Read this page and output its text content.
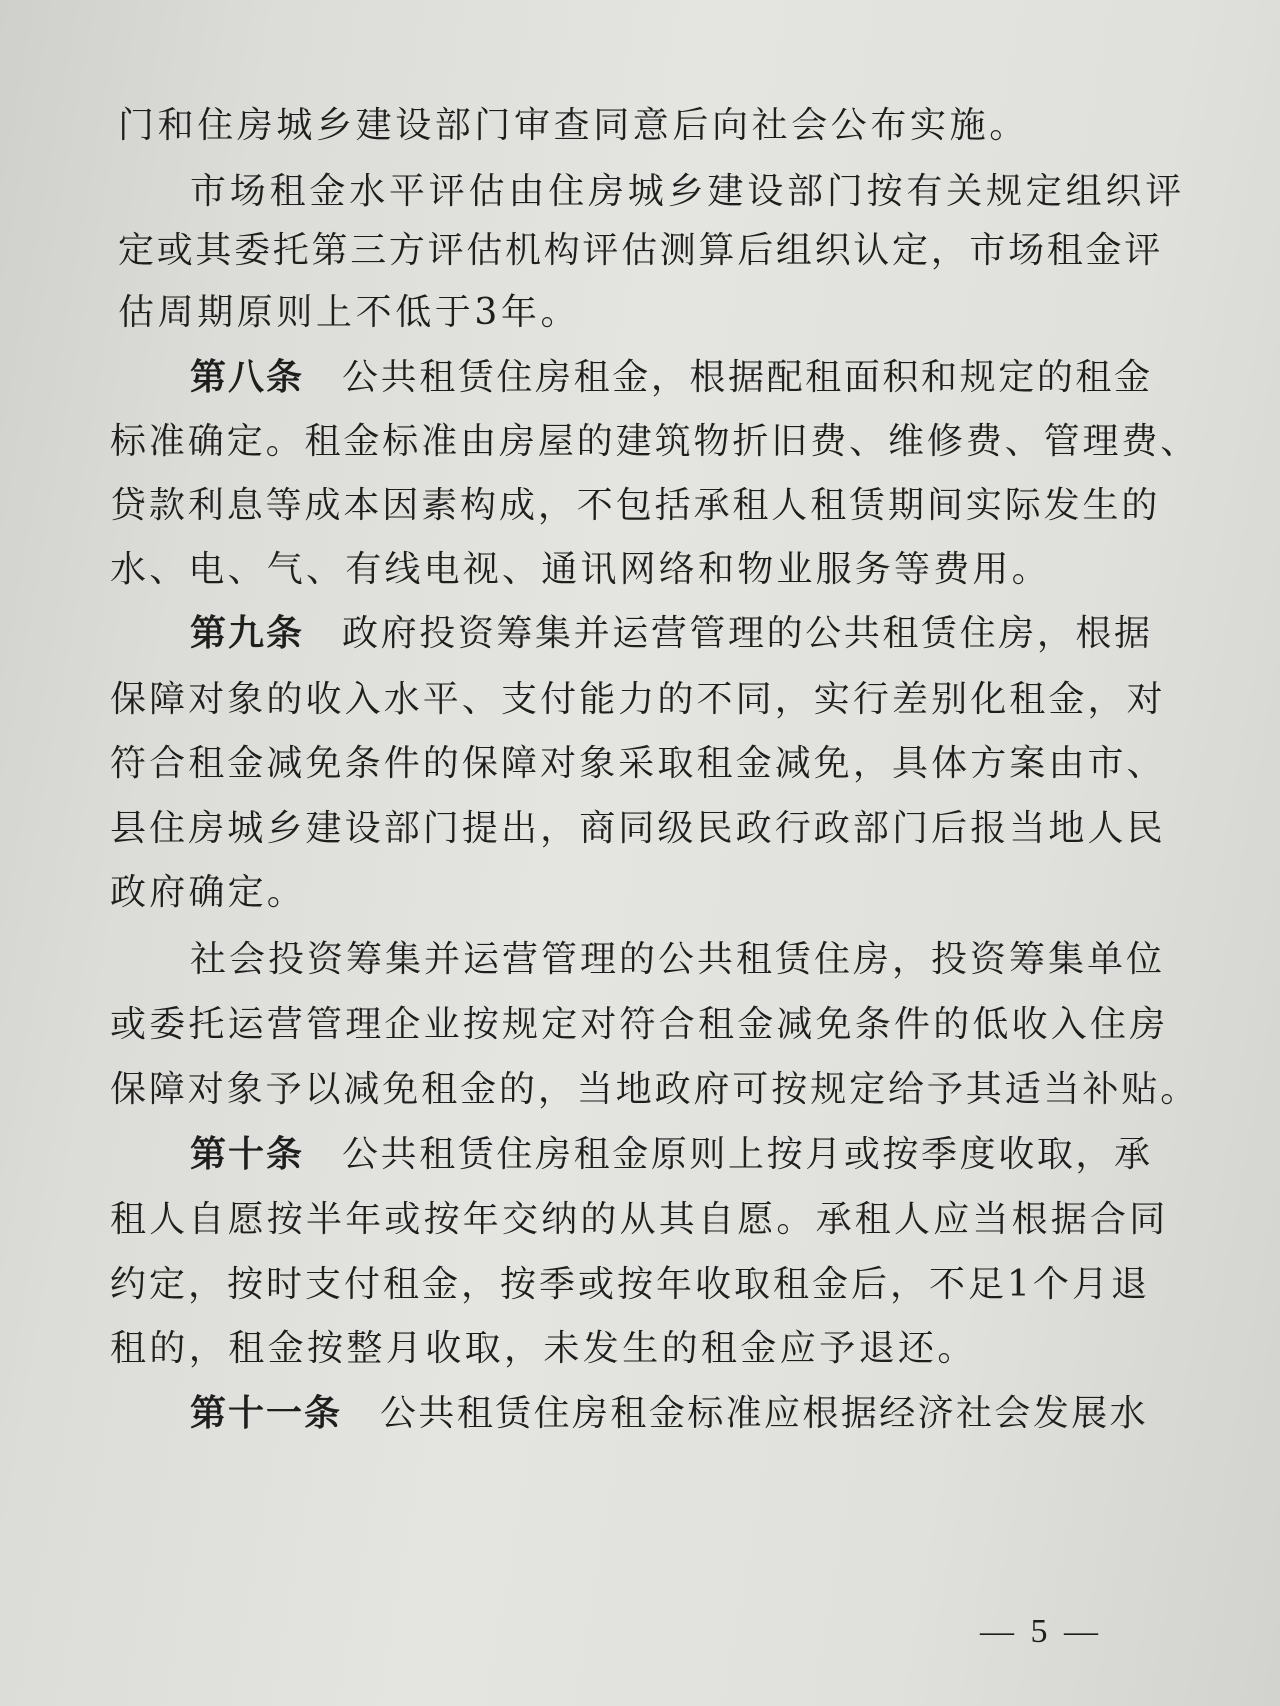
门和住房城乡建设部门审查同意后向社会公布实施。

市场租金水平评估由住房城乡建设部门按有关规定组织评

定或其委托第三方评估机构评估测算后组织认定，市场租金评

估周期原则上不低于3年。

第八条 公共租赁住房租金，根据配租面积和规定的租金

标准确定。租金标准由房屋的建筑物折旧费、维修费、管理费、

贷款利息等成本因素构成，不包括承租人租赁期间实际发生的

水、电、气、有线电视、通讯网络和物业服务等费用。

第九条 政府投资筹集并运营管理的公共租赁住房，根据

保障对象的收入水平、支付能力的不同，实行差别化租金，对

符合租金减免条件的保障对象采取租金减免，具体方案由市、

县住房城乡建设部门提出，商同级民政行政部门后报当地人民

政府确定。

社会投资筹集并运营管理的公共租赁住房，投资筹集单位

或委托运营管理企业按规定对符合租金减免条件的低收入住房

保障对象予以减免租金的，当地政府可按规定给予其适当补贴。

第十条 公共租赁住房租金原则上按月或按季度收取，承

租人自愿按半年或按年交纳的从其自愿。承租人应当根据合同

约定，按时支付租金，按季或按年收取租金后，不足1个月退

租的，租金按整月收取，未发生的租金应予退还。

第十一条 公共租赁住房租金标准应根据经济社会发展水

— 5 —
